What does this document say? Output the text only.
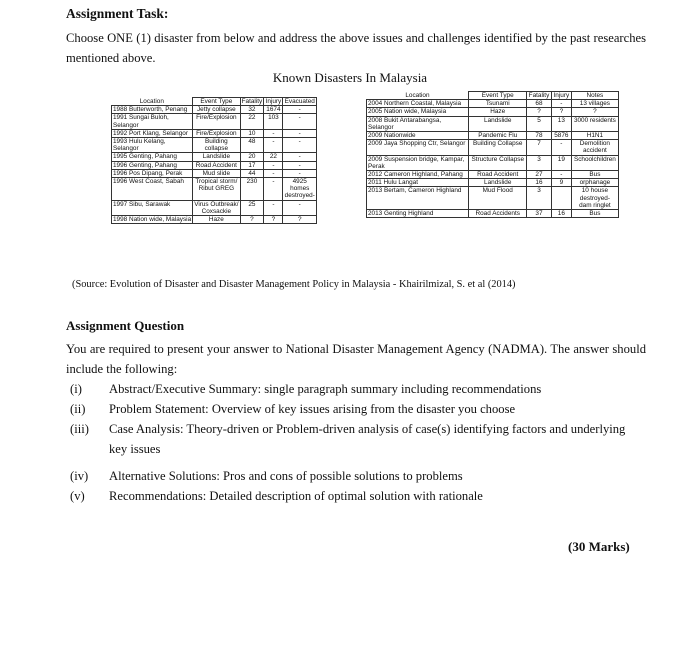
Assignment Task:
Choose ONE (1) disaster from below and address the above issues and challenges identified by the past researches mentioned above.
Known Disasters In Malaysia
Location	Event Type	Fatality	Injury	Evacuated
1988 Butterworth, Penang	Jetty collapse	32	1674	-
1991 Sungai Buloh, Selangor	Fire/Explosion	22	103	-
1992 Port Klang, Selangor	Fire/Explosion	10	-	-
1993 Hulu Kelang, Selangor	Building collapse	48	-	-
1995 Genting, Pahang	Landslide	20	22	-
1996 Genting, Pahang	Road Accident	17	-	-
1996 Pos Dipang, Perak	Mud slide	44	-	-
1996 West Coast, Sabah	Tropical storm/ Ribut GREG	230	-	4925 homes destroyed-
1997 Sibu, Sarawak	Virus Outbreak/ Coxsackie	25	-	-
1998 Nation wide, Malaysia	Haze	?	?	?
Location	Event Type	Fatality	Injury	Notes
2004 Northern Coastal, Malaysia	Tsunami	68	-	13 villages
2005 Nation wide, Malaysia	Haze	?	?	?
2008 Bukit Antarabangsa, Selangor	Landslide	5	13	3000 residents
2009 Nationwide	Pandemic Flu	78	5876	H1N1
2009 Jaya Shopping Ctr, Selangor	Building Collapse	7	-	Demolition accident
2009 Suspension bridge, Kampar, Perak	Structure Collapse	3	19	Schoolchildren
2012 Cameron Highland, Pahang	Road Accident	27	-	Bus
2011 Hulu Langat	Landslide	16	9	orphanage
2013 Bertam, Cameron Highland	Mud Flood	3		10 house destroyed- dam ringlet
2013 Genting Highland	Road Accidents	37	16	Bus
(Source: Evolution of Disaster and Disaster Management Policy in Malaysia - Khairilmizal, S. et al (2014)
Assignment Question
You are required to present your answer to National Disaster Management Agency (NADMA). The answer should include the following:
(i) Abstract/Executive Summary: single paragraph summary including recommendations
(ii) Problem Statement: Overview of key issues arising from the disaster you choose
(iii) Case Analysis: Theory-driven or Problem-driven analysis of case(s) identifying factors and underlying key issues
(iv) Alternative Solutions: Pros and cons of possible solutions to problems
(v) Recommendations: Detailed description of optimal solution with rationale
(30 Marks)
